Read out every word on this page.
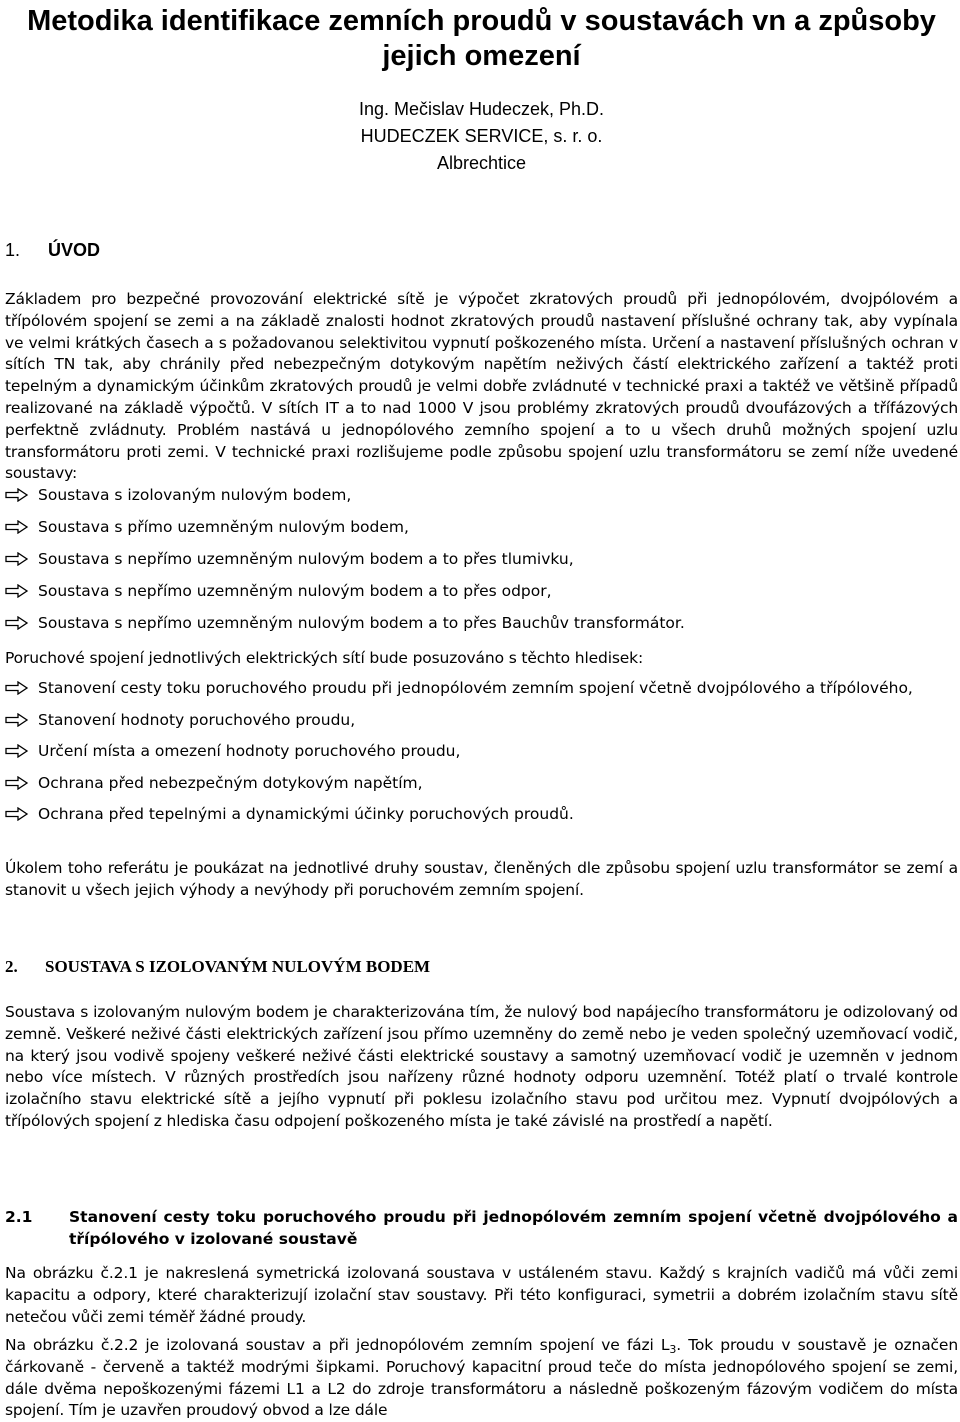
Metodika identifikace zemních proudů v soustavách vn a způsoby jejich omezení
Ing. Mečislav Hudeczek, Ph.D.
HUDECZEK SERVICE, s. r. o.
Albrechtice
1. ÚVOD

Základem pro bezpečné provozování elektrické sítě je výpočet zkratových proudů při jednopólovém, dvojpólovém a třípólovém spojení se zemi a na základě znalosti hodnot zkratových proudů nastavení příslušné ochrany tak, aby vypínala ve velmi krátkých časech a s požadovanou selektivitou vypnutí poškozeného místa. Určení a nastavení příslušných ochran v sítích TN tak, aby chránily před nebezpečným dotykovým napětím neživých částí elektrického zařízení a taktéž proti tepelným a dynamickým účinkům zkratových proudů je velmi dobře zvládnuté v technické praxi a taktéž ve většině případů realizované na základě výpočtů. V sítích IT a to nad 1000 V jsou problémy zkratových proudů dvoufázových a třífázových perfektně zvládnuty. Problém nastává u jednopólového zemního spojení a to u všech druhů možných spojení uzlu transformátoru proti zemi. V technické praxi rozlišujeme podle způsobu spojení uzlu transformátoru se zemí níže uvedené soustavy:

Soustava s izolovaným nulovým bodem,
Soustava s přímo uzemněným nulovým bodem,
Soustava s nepřímo uzemněným nulovým bodem a to přes tlumivku,
Soustava s nepřímo uzemněným nulovým bodem a to přes odpor,
Soustava s nepřímo uzemněným nulovým bodem a to přes Bauchův transformátor.

Poruchové spojení jednotlivých elektrických sítí bude posuzováno s těchto hledisek:

Stanovení cesty toku poruchového proudu při jednopólovém zemním spojení včetně dvojpólového a třípólového,
Stanovení hodnoty poruchového proudu,
Určení místa a omezení hodnoty poruchového proudu,
Ochrana před nebezpečným dotykovým napětím,
Ochrana před tepelnými a dynamickými účinky poruchových proudů.

Úkolem toho referátu je poukázat na jednotlivé druhy soustav, členěných dle způsobu spojení uzlu transformátor se zemí a stanovit u všech jejich výhody a nevýhody při poruchovém zemním spojení.

2. SOUSTAVA S IZOLOVANÝM NULOVÝM BODEM

Soustava s izolovaným nulovým bodem je charakterizována tím, že nulový bod napájecího transformátoru je odizolovaný od zemně. Veškeré neživé části elektrických zařízení jsou přímo uzemněny do země nebo je veden společný uzemňovací vodič, na který jsou vodivě spojeny veškeré neživé části elektrické soustavy a samotný uzemňovací vodič je uzemněn v jednom nebo více místech. V různých prostředích jsou nařízeny různé hodnoty odporu uzemnění. Totéž platí o trvalé kontrole izolačního stavu elektrické sítě a jejího vypnutí při poklesu izolačního stavu pod určitou mez. Vypnutí dvojpólových a třípólových spojení z hlediska času odpojení poškozeného místa je také závislé na prostředí a napětí.

2.1	Stanovení cesty toku poruchového proudu při jednopólovém zemním spojení včetně dvojpólového a třípólového v izolované soustavě

Na obrázku č.2.1 je nakreslená symetrická izolovaná soustava v ustáleném stavu. Každý s krajních vadičů má vůči zemi kapacitu a odpory, které charakterizují izolační stav soustavy. Při této konfiguraci, symetrii a dobrém izolačním stavu sítě netečou vůči zemi téměř žádné proudy.

Na obrázku č.2.2 je izolovaná soustav a při jednopólovém zemním spojení ve fázi $L_3$. Tok proudu v soustavě je označen čárkovaně - červeně a taktéž modrými šipkami. Poruchový kapacitní proud teče do místa jednopólového spojení se zemi, dále dvěma nepoškozenými fázemi L1 a L2 do zdroje transformátoru a následně poškozeným fázovým vodičem do místa spojení. Tím je uzavřen proudový obvod a lze dále
